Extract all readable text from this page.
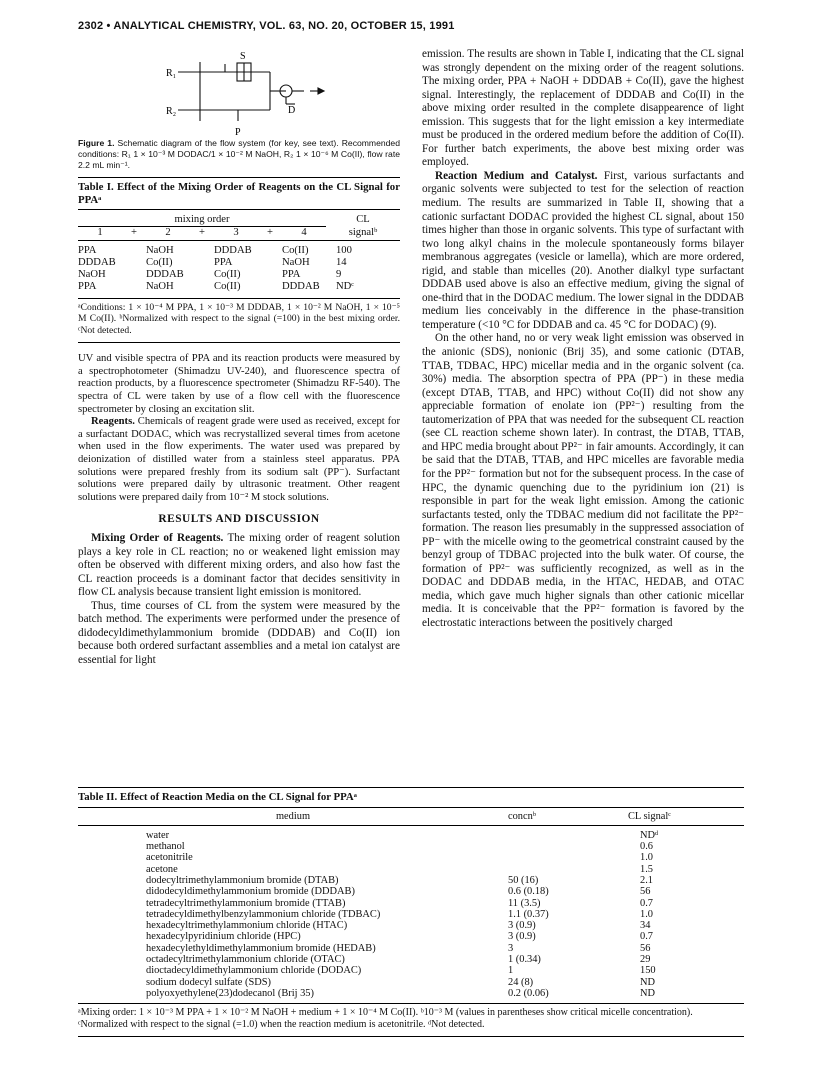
2302 • ANALYTICAL CHEMISTRY, VOL. 63, NO. 20, OCTOBER 15, 1991
R₁
R₂
S
D
P
Figure 1. Schematic diagram of the flow system (for key, see text). Recommended conditions: R₁ 1 × 10⁻³ M DODAC/1 × 10⁻² M NaOH, R₂ 1 × 10⁻⁶ M Co(II), flow rate 2.2 mL min⁻¹.
Table I. Effect of the Mixing Order of Reagents on the CL Signal for PPAᵃ
mixing order							CL
1	+	2	+	3	+	4	signalᵇ

PPA		NaOH		DDDAB		Co(II)	100
DDDAB		Co(II)		PPA		NaOH	14
NaOH		DDDAB		Co(II)		PPA	9
PPA		NaOH		Co(II)		DDDAB	NDᶜ
ᵃConditions: 1 × 10⁻⁴ M PPA, 1 × 10⁻³ M DDDAB, 1 × 10⁻² M NaOH, 1 × 10⁻⁵ M Co(II). ᵇNormalized with respect to the signal (=100) in the best mixing order. ᶜNot detected.

UV and visible spectra of PPA and its reaction products were measured by a spectrophotometer (Shimadzu UV-240), and fluorescence spectra of reaction products, by a fluorescence spectrometer (Shimadzu RF-540). The spectra of CL were taken by use of a flow cell with the fluorescence spectrometer by closing an excitation slit.

Reagents. Chemicals of reagent grade were used as received, except for a surfactant DODAC, which was recrystallized several times from acetone when used in the flow experiments. The water used was prepared by deionization of distilled water from a stainless steel apparatus. PPA solutions were prepared freshly from its sodium salt (PP⁻). Surfactant solutions were prepared daily by ultrasonic treatment. Other reagent solutions were prepared daily from 10⁻² M stock solutions.

RESULTS AND DISCUSSION

Mixing Order of Reagents. The mixing order of reagent solution plays a key role in CL reaction; no or weakened light emission may often be observed with different mixing orders, and also how fast the CL reaction proceeds is a dominant factor that decides sensitivity in flow CL analysis because transient light emission is monitored.

Thus, time courses of CL from the system were measured by the batch method. The experiments were performed under the presence of didodecyldimethylammonium bromide (DDDAB) and Co(II) ion because both ordered surfactant assemblies and a metal ion catalyst are essential for light

emission. The results are shown in Table I, indicating that the CL signal was strongly dependent on the mixing order of the reagent solutions. The mixing order, PPA + NaOH + DDDAB + Co(II), gave the highest signal. Interestingly, the replacement of DDDAB and Co(II) in the above mixing order resulted in the complete disappearence of light emission. This suggests that for the light emission a key intermediate must be produced in the ordered medium before the addition of Co(II). For further batch experiments, the above best mixing order was employed.

Reaction Medium and Catalyst. First, various surfactants and organic solvents were subjected to test for the selection of reaction medium. The results are summarized in Table II, showing that a cationic surfactant DODAC provided the highest CL signal, about 150 times higher than those in organic solvents. This type of surfactant with two long alkyl chains in the molecule spontaneously forms bilayer membranous aggregates (vesicle or lamella), which are more ordered, rigid, and stable than micelles (20). Another dialkyl type surfactant DDDAB used above is also an effective medium, giving the signal of one-third that in the DODAC medium. The lower signal in the DDDAB medium lies conceivably in the difference in the phase-transition temperature (<10 °C for DDDAB and ca. 45 °C for DODAC) (9).

On the other hand, no or very weak light emission was observed in the anionic (SDS), nonionic (Brij 35), and some cationic (DTAB, TTAB, TDBAC, HPC) micellar media and in the organic solvent (ca. 30%) media. The absorption spectra of PPA (PP⁻) in these media (except DTAB, TTAB, and HPC) without Co(II) did not show any appreciable formation of enolate ion (PP²⁻) resulting from the tautomerization of PPA that was needed for the subsequent CL reaction (see CL reaction scheme shown later). In contrast, the DTAB, TTAB, and HPC media brought about PP²⁻ in fair amounts. Accordingly, it can be said that the DTAB, TTAB, and HPC micelles are favorable media for the PP²⁻ formation but not for the subsequent process. In the case of HPC, the dynamic quenching due to the pyridinium ion (21) is responsible in part for the weak light emission. Among the cationic surfactants tested, only the TDBAC medium did not facilitate the PP²⁻ formation. The reason lies presumably in the suppressed association of PP⁻ with the micelle owing to the geometrical constraint caused by the benzyl group of TDBAC projected into the bulk water. Of course, the formation of PP²⁻ was sufficiently recognized, as well as in the DODAC and DDDAB media, in the HTAC, HEDAB, and OTAC media, which gave much higher signals than other cationic micellar media. It is conceivable that the PP²⁻ formation is favored by the electrostatic interactions between the positively charged

Table II. Effect of Reaction Media on the CL Signal for PPAᵃ
medium	concnᵇ	CL signalᶜ

water		NDᵈ
methanol		0.6
acetonitrile		1.0
acetone		1.5
dodecyltrimethylammonium bromide (DTAB)	50 (16)	2.1
didodecyldimethylammonium bromide (DDDAB)	0.6 (0.18)	56
tetradecyltrimethylammonium bromide (TTAB)	11 (3.5)	0.7
tetradecyldimethylbenzylammonium chloride (TDBAC)	1.1 (0.37)	1.0
hexadecyltrimethylammonium chloride (HTAC)	3 (0.9)	34
hexadecylpyridinium chloride (HPC)	3 (0.9)	0.7
hexadecylethyldimethylammonium bromide (HEDAB)	3	56
octadecyltrimethylammonium chloride (OTAC)	1 (0.34)	29
dioctadecyldimethylammonium chloride (DODAC)	1	150
sodium dodecyl sulfate (SDS)	24 (8)	ND
polyoxyethylene(23)dodecanol (Brij 35)	0.2 (0.06)	ND
ᵃMixing order: 1 × 10⁻³ M PPA + 1 × 10⁻² M NaOH + medium + 1 × 10⁻⁴ M Co(II). ᵇ10⁻³ M (values in parentheses show critical micelle concentration). ᶜNormalized with respect to the signal (=1.0) when the reaction medium is acetonitrile. ᵈNot detected.
